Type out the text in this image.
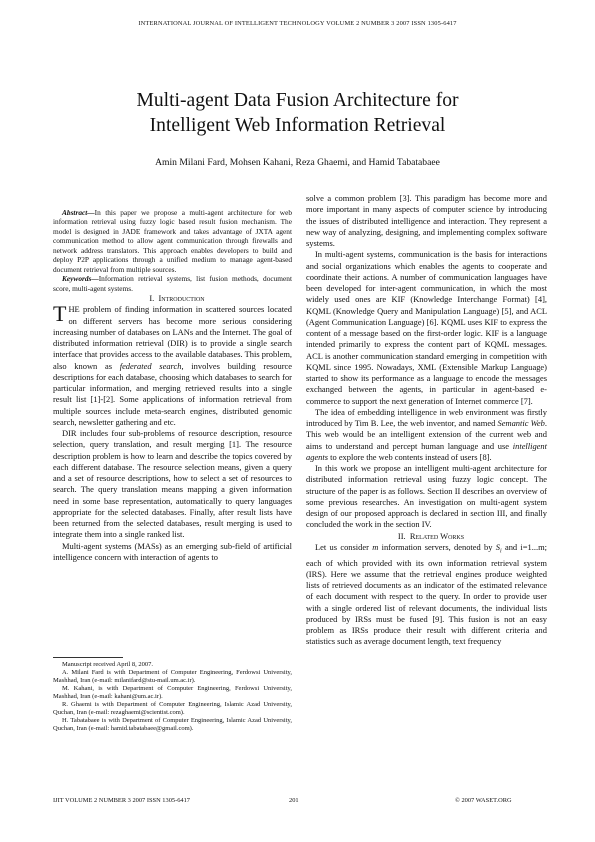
INTERNATIONAL JOURNAL OF INTELLIGENT TECHNOLOGY VOLUME 2 NUMBER 3 2007 ISSN 1305-6417
Multi-agent Data Fusion Architecture for
Intelligent Web Information Retrieval
Amin Milani Fard, Mohsen Kahani, Reza Ghaemi, and Hamid Tabatabaee

Abstract—In this paper we propose a multi-agent architecture for web information retrieval using fuzzy logic based result fusion mechanism. The model is designed in JADE framework and takes advantage of JXTA agent communication method to allow agent communication through firewalls and network address translators. This approach enables developers to build and deploy P2P applications through a unified medium to manage agent-based document retrieval from multiple sources.

Keywords—Information retrieval systems, list fusion methods, document score, multi-agent systems.

I. Introduction

THE problem of finding information in scattered sources located on different servers has become more serious considering increasing number of databases on LANs and the Internet. The goal of distributed information retrieval (DIR) is to provide a single search interface that provides access to the available databases. This problem, also known as federated search, involves building resource descriptions for each database, choosing which databases to search for particular information, and merging retrieved results into a single result list [1]-[2]. Some applications of information retrieval from multiple sources include meta-search engines, distributed genomic search, newsletter gathering and etc.

DIR includes four sub-problems of resource description, resource selection, query translation, and result merging [1]. The resource description problem is how to learn and describe the topics covered by each different database. The resource selection means, given a query and a set of resource descriptions, how to select a set of resources to search. The query translation means mapping a given information need in some base representation, automatically to query languages appropriate for the selected databases. Finally, after result lists have been returned from the selected databases, result merging is used to integrate them into a single ranked list.

Multi-agent systems (MASs) as an emerging sub-field of artificial intelligence concern with interaction of agents to

Manuscript received April 8, 2007.

A. Milani Fard is with Department of Computer Engineering, Ferdowsi University, Mashhad, Iran (e-mail: milanifard@stu-mail.um.ac.ir).

M. Kahani, is with Department of Computer Engineering, Ferdowsi University, Mashhad, Iran (e-mail: kahani@um.ac.ir).

R. Ghaemi is with Department of Computer Engineering, Islamic Azad University, Quchan, Iran (e-mail: rezaghaemi@scientist.com).

H. Tabatabaee is with Department of Computer Engineering, Islamic Azad University, Quchan, Iran (e-mail: hamid.tabatabaee@gmail.com).

solve a common problem [3]. This paradigm has become more and more important in many aspects of computer science by introducing the issues of distributed intelligence and interaction. They represent a new way of analyzing, designing, and implementing complex software systems.

In multi-agent systems, communication is the basis for interactions and social organizations which enables the agents to cooperate and coordinate their actions. A number of communication languages have been developed for inter-agent communication, in which the most widely used ones are KIF (Knowledge Interchange Format) [4], KQML (Knowledge Query and Manipulation Language) [5], and ACL (Agent Communication Language) [6]. KQML uses KIF to express the content of a message based on the first-order logic. KIF is a language intended primarily to express the content part of KQML messages. ACL is another communication standard emerging in competition with KQML since 1995. Nowadays, XML (Extensible Markup Language) started to show its performance as a language to encode the messages exchanged between the agents, in particular in agent-based e-commerce to support the next generation of Internet commerce [7].

The idea of embedding intelligence in web environment was firstly introduced by Tim B. Lee, the web inventor, and named Semantic Web. This web would be an intelligent extension of the current web and aims to understand and percept human language and use intelligent agents to explore the web contents instead of users [8].

In this work we propose an intelligent multi-agent architecture for distributed information retrieval using fuzzy logic concept. The structure of the paper is as follows. Section II describes an overview of some previous researches. An investigation on multi-agent system design of our proposed approach is declared in section III, and finally concluded the work in the section IV.

II. Related Works

Let us consider m information servers, denoted by $S_i$ and i=1...m; each of which provided with its own information retrieval system (IRS). Here we assume that the retrieval engines produce weighted lists of retrieved documents as an indicator of the estimated relevance of each document with respect to the query. In order to provide user with a single ordered list of relevant documents, the individual lists produced by IRSs must be fused [9]. This fusion is not an easy problem as IRSs produce their result with different criteria and statistics such as average document length, text frequency

IJIT VOLUME 2 NUMBER 3 2007 ISSN 1305-6417	201	© 2007 WASET.ORG
